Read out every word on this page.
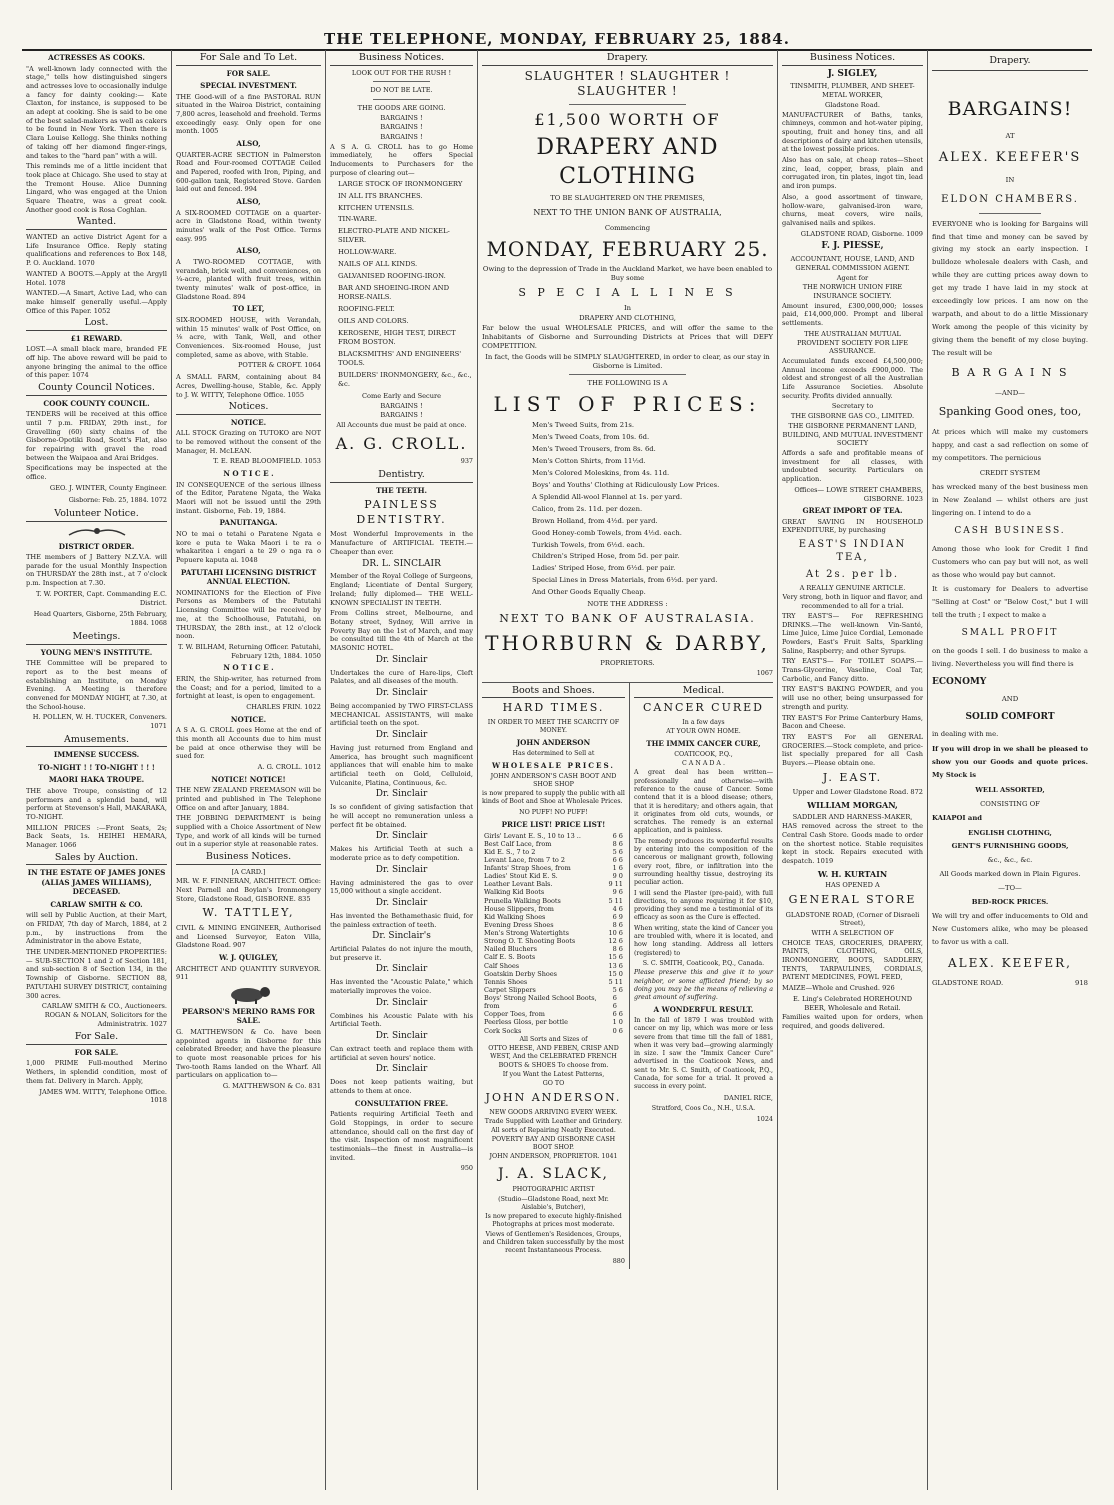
THE TELEPHONE, MONDAY, FEBRUARY 25, 1884.
ACTRESSES AS COOKS.
"A well-known lady connected with the stage," tells how distinguished singers and actresses love to occasionally indulge a fancy for dainty cooking:— Kate Claxton, for instance, is supposed to be an adept at cooking. She is said to be one of the best salad-makers as well as cakers to be found in New York. Then there is Clara Louise Kellogg. She thinks nothing of taking off her diamond finger-rings, and takes to the "hard pan" with a will.
This reminds me of a little incident that took place at Chicago. She used to stay at the Tremont House. Alice Dunning Lingard, who was engaged at the Union Square Theatre, was a great cook. Another good cook is Rosa Coghlan.
Wanted.
WANTED an active District Agent for a Life Insurance Office. Reply stating qualifications and references to Box 148, P. O. Auckland. 1070
WANTED A BOOTS.—Apply at the Argyll Hotel. 1078
WANTED.—A Smart, Active Lad, who can make himself generally useful.—Apply Office of this Paper. 1052
Lost.
£1 REWARD.
LOST.—A small black mare, branded FE off hip. The above reward will be paid to anyone bringing the animal to the office of this paper. 1074
County Council Notices.
COOK COUNTY COUNCIL.
TENDERS will be received at this office until 7 p.m. FRIDAY, 29th inst., for Gravelling (60) sixty chains of the Gisborne-Opotiki Road, Scott's Flat, also for repairing with gravel the road between the Waipaoa and Arai Bridges.
Specifications may be inspected at the office.
GEO. J. WINTER, County Engineer.
Gisborne: Feb. 25, 1884. 1072
Volunteer Notice.
DISTRICT ORDER.
THE members of J Battery N.Z.V.A. will parade for the usual Monthly Inspection on THURSDAY the 28th inst., at 7 o'clock p.m. Inspection at 7.30.
T. W. PORTER, Capt. Commanding E.C. District.
Head Quarters, Gisborne, 25th February, 1884. 1068
Meetings.
YOUNG MEN'S INSTITUTE.
THE Committee will be prepared to report as to the best means of establishing an Institute, on Monday Evening. A Meeting is therefore convened for MONDAY NIGHT, at 7.30, at the School-house.
H. POLLEN, W. H. TUCKER, Conveners. 1071
Amusements.
IMMENSE SUCCESS.
TO-NIGHT ! ! TO-NIGHT ! ! !
MAORI HAKA TROUPE.
THE above Troupe, consisting of 12 performers and a splendid band, will perform at Stevenson's Hall, MAKARAKA, TO-NIGHT.
MILLION PRICES :—Front Seats, 2s; Back Seats, 1s. HEIHEI HEMARA, Manager. 1066
Sales by Auction.
IN THE ESTATE OF JAMES JONES (ALIAS JAMES WILLIAMS), DECEASED.
CARLAW SMITH & CO.
will sell by Public Auction, at their Mart, on FRIDAY, 7th day of March, 1884, at 2 p.m., by instructions from the Administrator in the above Estate,
THE UNDER-MENTIONED PROPERTIES:— SUB-SECTION 1 and 2 of Section 181, and sub-section 8 of Section 134, in the Township of Gisborne. SECTION 88, PATUTAHI SURVEY DISTRICT, containing 300 acres.
CARLAW SMITH & CO., Auctioneers. ROGAN & NOLAN, Solicitors for the Administratrix. 1027
For Sale.
FOR SALE.
1,000 PRIME Full-mouthed Merino Wethers, in splendid condition, most of them fat. Delivery in March. Apply,
JAMES WM. WITTY, Telephone Office. 1018
For Sale and To Let.
FOR SALE.
SPECIAL INVESTMENT.
THE Good-will of a fine PASTORAL RUN situated in the Wairoa District, containing 7,800 acres, leasehold and freehold. Terms exceedingly easy. Only open for one month. 1005
ALSO,
QUARTER-ACRE SECTION in Palmerston Road and Four-roomed COTTAGE Ceiled and Papered, roofed with Iron, Piping, and 600-gallon tank, Registered Stove. Garden laid out and fenced. 994
ALSO,
A SIX-ROOMED COTTAGE on a quarter-acre in Gladstone Road, within twenty minutes' walk of the Post Office. Terms easy. 995
ALSO,
A TWO-ROOMED COTTAGE, with verandah, brick well, and conveniences, on ¼-acre, planted with fruit trees, within twenty minutes' walk of post-office, in Gladstone Road. 894
TO LET,
SIX-ROOMED HOUSE, with Verandah, within 15 minutes' walk of Post Office, on ⅛ acre, with Tank, Well, and other Conveniences. Six-roomed House, just completed, same as above, with Stable.
POTTER & CROFT. 1064
A SMALL FARM, containing about 84 Acres, Dwelling-house, Stable, &c. Apply to J. W. WITTY, Telephone Office. 1055
Notices.
NOTICE.
ALL STOCK Grazing on TUTOKO are NOT to be removed without the consent of the Manager, H. McLEAN.
T. E. READ BLOOMFIELD. 1053
N O T I C E .
IN CONSEQUENCE of the serious illness of the Editor, Paratene Ngata, the Waka Maori will not be issued until the 29th instant. Gisborne, Feb. 19, 1884.
PANUITANGA.
NO te mai o tetahi o Paratene Ngata e kore e puta te Waka Maori i te ra o whakaritea i engari a te 29 o nga ra o Pepuere kaputa ai. 1048
PATUTAHI LICENSING DISTRICT ANNUAL ELECTION.
NOMINATIONS for the Election of Five Persons as Members of the Patutahi Licensing Committee will be received by me, at the Schoolhouse, Patutahi, on THURSDAY, the 28th inst., at 12 o'clock noon.
T. W. BILHAM, Returning Officer. Patutahi, February 12th, 1884. 1050
N O T I C E .
ERIN, the Ship-writer, has returned from the Coast; and for a period, limited to a fortnight at least, is open to engagement.
CHARLES FRIN. 1022
NOTICE.
A S A. G. CROLL goes Home at the end of this month all Accounts due to him must be paid at once otherwise they will be sued for.
A. G. CROLL. 1012
NOTICE! NOTICE!
THE NEW ZEALAND FREEMASON will be printed and published in The Telephone Office on and after January, 1884.
THE JOBBING DEPARTMENT is being supplied with a Choice Assortment of New Type, and work of all kinds will be turned out in a superior style at reasonable rates.
Business Notices.
[A CARD.]
MR. W. F. FINNERAN, ARCHITECT. Office: Next Parnell and Boylan's Ironmongery Store, Gladstone Road, GISBORNE. 835
W. TATTLEY,
CIVIL & MINING ENGINEER, Authorised and Licensed Surveyor, Eaton Villa, Gladstone Road. 907
W. J. QUIGLEY,
ARCHITECT AND QUANTITY SURVEYOR. 911
PEARSON'S MERINO RAMS FOR SALE.
G. MATTHEWSON & Co. have been appointed agents in Gisborne for this celebrated Breeder, and have the pleasure to quote most reasonable prices for his Two-tooth Rams landed on the Wharf. All particulars on application to—
G. MATTHEWSON & Co. 831
Business Notices.
LOOK OUT FOR THE RUSH !
DO NOT BE LATE.
THE GOODS ARE GOING.
BARGAINS !
BARGAINS !
BARGAINS !
A S A. G. CROLL has to go Home immediately, he offers Special Inducements to Purchasers for the purpose of clearing out—
LARGE STOCK OF IRONMONGERY
IN ALL ITS BRANCHES.
KITCHEN UTENSILS.
TIN-WARE.
ELECTRO-PLATE AND NICKEL-SILVER.
HOLLOW-WARE.
NAILS OF ALL KINDS.
GALVANISED ROOFING-IRON.
BAR AND SHOEING-IRON AND HORSE-NAILS.
ROOFING-FELT.
OILS AND COLORS.
KEROSENE, HIGH TEST, DIRECT FROM BOSTON.
BLACKSMITHS' AND ENGINEERS' TOOLS.
BUILDERS' IRONMONGERY, &c., &c., &c.
Come Early and Secure
BARGAINS !
BARGAINS !
All Accounts due must be paid at once.
A. G. CROLL.
937
Dentistry.
THE TEETH.
PAINLESS DENTISTRY.
Most Wonderful Improvements in the Manufacture of ARTIFICIAL TEETH.—Cheaper than ever.
DR. L. SINCLAIR
Member of the Royal College of Surgeons, England; Licentiate of Dental Surgery, Ireland; fully diplomed— THE WELL-KNOWN SPECIALIST IN TEETH.
From Collins street, Melbourne, and Botany street, Sydney, Will arrive in Poverty Bay on the 1st of March, and may be consulted till the 4th of March at the MASONIC HOTEL.
Dr. Sinclair
Undertakes the cure of Hare-lips, Cleft Palates, and all diseases of the mouth.
Dr. Sinclair
Being accompanied by TWO FIRST-CLASS MECHANICAL ASSISTANTS, will make artificial teeth on the spot.
Dr. Sinclair
Having just returned from England and America, has brought such magnificent appliances that will enable him to make artificial teeth on Gold, Celluloid, Vulcanite, Platina, Continuous, &c.
Dr. Sinclair
Is so confident of giving satisfaction that he will accept no remuneration unless a perfect fit be obtained.
Dr. Sinclair
Makes his Artificial Teeth at such a moderate price as to defy competition.
Dr. Sinclair
Having administered the gas to over 15,000 without a single accident.
Dr. Sinclair
Has invented the Bethamethasic fluid, for the painless extraction of teeth.
Dr. Sinclair's
Artificial Palates do not injure the mouth, but preserve it.
Dr. Sinclair
Has invented the "Acoustic Palate," which materially improves the voice.
Dr. Sinclair
Combines his Acoustic Palate with his Artificial Teeth.
Dr. Sinclair
Can extract teeth and replace them with artificial at seven hours' notice.
Dr. Sinclair
Does not keep patients waiting, but attends to them at once.
CONSULTATION FREE.
Patients requiring Artificial Teeth and Gold Stoppings, in order to secure attendance, should call on the first day of the visit. Inspection of most magnificent testimonials—the finest in Australia—is invited.
950
Drapery.
SLAUGHTER ! SLAUGHTER ! SLAUGHTER !
£1,500 WORTH OF
DRAPERY AND CLOTHING
TO BE SLAUGHTERED ON THE PREMISES,
NEXT TO THE UNION BANK OF AUSTRALIA,
Commencing
MONDAY, FEBRUARY 25.
Owing to the depression of Trade in the Auckland Market, we have been enabled to Buy some
S P E C I A L L I N E S
In
DRAPERY AND CLOTHING,
Far below the usual WHOLESALE PRICES, and will offer the same to the Inhabitants of Gisborne and Surrounding Districts at Prices that will DEFY COMPETITION.
In fact, the Goods will be SIMPLY SLAUGHTERED, in order to clear, as our stay in Gisborne is Limited.
THE FOLLOWING IS A
LIST OF PRICES:
Men's Tweed Suits, from 21s.
Men's Tweed Coats, from 10s. 6d.
Men's Tweed Trousers, from 8s. 6d.
Men's Cotton Shirts, from 11½d.
Men's Colored Moleskins, from 4s. 11d.
Boys' and Youths' Clothing at Ridiculously Low Prices.
A Splendid All-wool Flannel at 1s. per yard.
Calico, from 2s. 11d. per dozen.
Brown Holland, from 4½d. per yard.
Good Honey-comb Towels, from 4½d. each.
Turkish Towels, from 6½d. each.
Children's Striped Hose, from 5d. per pair.
Ladies' Striped Hose, from 6½d. per pair.
Special Lines in Dress Materials, from 6½d. per yard.
And Other Goods Equally Cheap.
NOTE THE ADDRESS :
NEXT TO BANK OF AUSTRALASIA.
THORBURN & DARBY,
PROPRIETORS.
1067
Boots and Shoes.
HARD TIMES.
IN ORDER TO MEET THE SCARCITY OF MONEY.
JOHN ANDERSON
Has determined to Sell at
WHOLESALE PRICES.
JOHN ANDERSON'S CASH BOOT AND SHOE SHOP
is now prepared to supply the public with all kinds of Boot and Shoe at Wholesale Prices.
NO PUFF! NO PUFF!
PRICE LIST! PRICE LIST!
Girls' Levant E. S., 10 to 13 ..	6 6
Best Calf Lace, from	8 6
Kid E. S., 7 to 2	5 6
Levant Lace, from 7 to 2	6 6
Infants' Strap Shoes, from	1 6
Ladies' Stout Kid E. S.	9 0
Leather Levant Bals.	9 11
Walking Kid Boots	9 6
Prunella Walking Boots	5 11
House Slippers, from	4 6
Kid Walking Shoes	6 9
Evening Dress Shoes	8 6
Men's Strong Watertights	10 6
Strong O. T. Shooting Boots	12 6
Nailed Bluchers	8 6
Calf E. S. Boots	15 6
Calf Shoes	13 6
Goatskin Derby Shoes	15 0
Tennis Shoes	5 11
Carpet Slippers	5 6
Boys' Strong Nailed School Boots, from
6 6
Copper Toes, from	6 6
Peerless Gloss, per bottle	1 0
Cork Socks	0 6
All Sorts and Sizes of
OTTO HEESE, AND FEBEN, CRISP AND WEST, And the CELEBRATED FRENCH BOOTS & SHOES To choose from.
If you Want the Latest Patterns,
GO TO
JOHN ANDERSON.
NEW GOODS ARRIVING EVERY WEEK.
Trade Supplied with Leather and Grindery. All sorts of Repairing Neatly Executed.
POVERTY BAY AND GISBORNE CASH BOOT SHOP.
JOHN ANDERSON, PROPRIETOR. 1041
J. A. SLACK,
PHOTOGRAPHIC ARTIST
(Studio—Gladstone Road, next Mr. Aislabie's, Butcher),
Is now prepared to execute highly-finished Photographs at prices most moderate.
Views of Gentlemen's Residences, Groups, and Children taken successfully by the most recent Instantaneous Process.
880
Medical.
CANCER CURED
In a few days
AT YOUR OWN HOME.
THE IMMIX CANCER CURE,
COATICOOK, P.Q.,
C A N A D A .
A great deal has been written—professionally and otherwise—with reference to the cause of Cancer. Some contend that it is a blood disease; others, that it is hereditary; and others again, that it originates from old cuts, wounds, or scratches. The remedy is an external application, and is painless.
The remedy produces its wonderful results by entering into the composition of the cancerous or malignant growth, following every root, fibre, or infiltration into the surrounding healthy tissue, destroying its peculiar action.
I will send the Plaster (pre-paid), with full directions, to anyone requiring it for $10, providing they send me a testimonial of its efficacy as soon as the Cure is effected.
When writing, state the kind of Cancer you are troubled with, where it is located, and how long standing. Address all letters (registered) to
S. C. SMITH, Coaticook, P.Q., Canada.
Please preserve this and give it to your neighbor, or some afflicted friend; by so doing you may be the means of relieving a great amount of suffering.
A WONDERFUL RESULT.
In the fall of 1879 I was troubled with cancer on my lip, which was more or less severe from that time till the fall of 1881, when it was very bad—growing alarmingly in size. I saw the "Immix Cancer Cure" advertised in the Coaticook News, and sent to Mr. S. C. Smith, of Coaticook, P.Q., Canada, for some for a trial. It proved a success in every point.
DANIEL RICE,
Stratford, Coos Co., N.H., U.S.A.
1024
Business Notices.
J. SIGLEY,
TINSMITH, PLUMBER, AND SHEET-METAL WORKER,
Gladstone Road.
MANUFACTURER of Baths, tanks, chimneys, common and hot-water piping, spouting, fruit and honey tins, and all descriptions of dairy and kitchen utensils, at the lowest possible prices.
Also has on sale, at cheap rates—Sheet zinc, lead, copper, brass, plain and corrugated iron, tin plates, ingot tin, lead and iron pumps.
Also, a good assortment of tinware, hollow-ware, galvanised-iron ware, churns, meat covers, wire nails, galvanised nails and spikes.
GLADSTONE ROAD, Gisborne. 1009
F. J. PIESSE,
ACCOUNTANT, HOUSE, LAND, AND GENERAL COMMISSION AGENT.
Agent for
THE NORWICH UNION FIRE INSURANCE SOCIETY.
Amount insured, £300,000,000; losses paid, £14,000,000. Prompt and liberal settlements.
THE AUSTRALIAN MUTUAL PROVIDENT SOCIETY FOR LIFE ASSURANCE.
Accumulated funds exceed £4,500,000; Annual income exceeds £900,000. The oldest and strongest of all the Australian Life Assurance Societies. Absolute security. Profits divided annually.
Secretary to
THE GISBORNE GAS CO., LIMITED.
THE GISBORNE PERMANENT LAND, BUILDING, AND MUTUAL INVESTMENT SOCIETY
Affords a safe and profitable means of investment for all classes, with undoubted security. Particulars on application.
Offices— LOWE STREET CHAMBERS, GISBORNE. 1023
GREAT IMPORT OF TEA.
GREAT SAVING IN HOUSEHOLD EXPENDITURE, by purchasing
EAST'S INDIAN TEA,
At 2s. per lb.
A REALLY GENUINE ARTICLE.
Very strong, both in liquor and flavor, and recommended to all for a trial.
TRY EAST'S— For REFRESHING DRINKS.—The well-known Vin-Santé, Lime Juice, Lime Juice Cordial, Lemonade Powders, East's Fruit Salts, Sparkling Saline, Raspberry; and other Syrups.
TRY EAST'S— For TOILET SOAPS.—Trans-Glycerine, Vaseline, Coal Tar, Carbolic, and Fancy ditto.
TRY EAST'S BAKING POWDER, and you will use no other, being unsurpassed for strength and purity.
TRY EAST'S For Prime Canterbury Hams, Bacon and Cheese.
TRY EAST'S For all GENERAL GROCERIES.—Stock complete, and price-list specially prepared for all Cash Buyers.—Please obtain one.
J. EAST.
Upper and Lower Gladstone Road. 872
WILLIAM MORGAN,
SADDLER AND HARNESS-MAKER,
HAS removed across the street to the Central Cash Store. Goods made to order on the shortest notice. Stable requisites kept in stock. Repairs executed with despatch. 1019
W. H. KURTAIN
HAS OPENED A
GENERAL STORE
GLADSTONE ROAD, (Corner of Disraeli Street),
WITH A SELECTION OF
CHOICE TEAS, GROCERIES, DRAPERY, PAINTS, CLOTHING, OILS, IRONMONGERY, BOOTS, SADDLERY, TENTS, TARPAULINES, CORDIALS, PATENT MEDICINES, FOWL FEED,
MAIZE—Whole and Crushed. 926
E. Ling's Celebrated HOREHOUND BEER, Wholesale and Retail.
Families waited upon for orders, when required, and goods delivered.
Drapery.
BARGAINS!
AT
ALEX. KEEFER'S
IN
ELDON CHAMBERS.
EVERYONE who is looking for Bargains will find that time and money can be saved by giving my stock an early inspection. I bulldoze wholesale dealers with Cash, and while they are cutting prices away down to get my trade I have laid in my stock at exceedingly low prices. I am now on the warpath, and about to do a little Missionary Work among the people of this vicinity by giving them the benefit of my close buying. The result will be
B A R G A I N S
—AND—
Spanking Good ones, too,
At prices which will make my customers happy, and cast a sad reflection on some of my competitors. The pernicious
CREDIT SYSTEM
has wrecked many of the best business men in New Zealand — whilst others are just lingering on. I intend to do a
CASH BUSINESS.
Among those who look for Credit I find Customers who can pay but will not, as well as those who would pay but cannot.
It is customary for Dealers to advertise "Selling at Cost" or "Below Cost," but I will tell the truth ; I expect to make a
SMALL PROFIT
on the goods I sell. I do business to make a living. Nevertheless you will find there is
ECONOMY
AND
SOLID COMFORT
in dealing with me.
If you will drop in we shall be pleased to show you our Goods and quote prices. My Stock is
WELL ASSORTED,
CONSISTING OF
KAIAPOI and
ENGLISH CLOTHING,
GENT'S FURNISHING GOODS,
&c., &c., &c.
All Goods marked down in Plain Figures.
—TO—
BED-ROCK PRICES.
We will try and offer inducements to Old and New Customers alike, who may be pleased to favor us with a call.
ALEX. KEEFER,
GLADSTONE ROAD.	918
